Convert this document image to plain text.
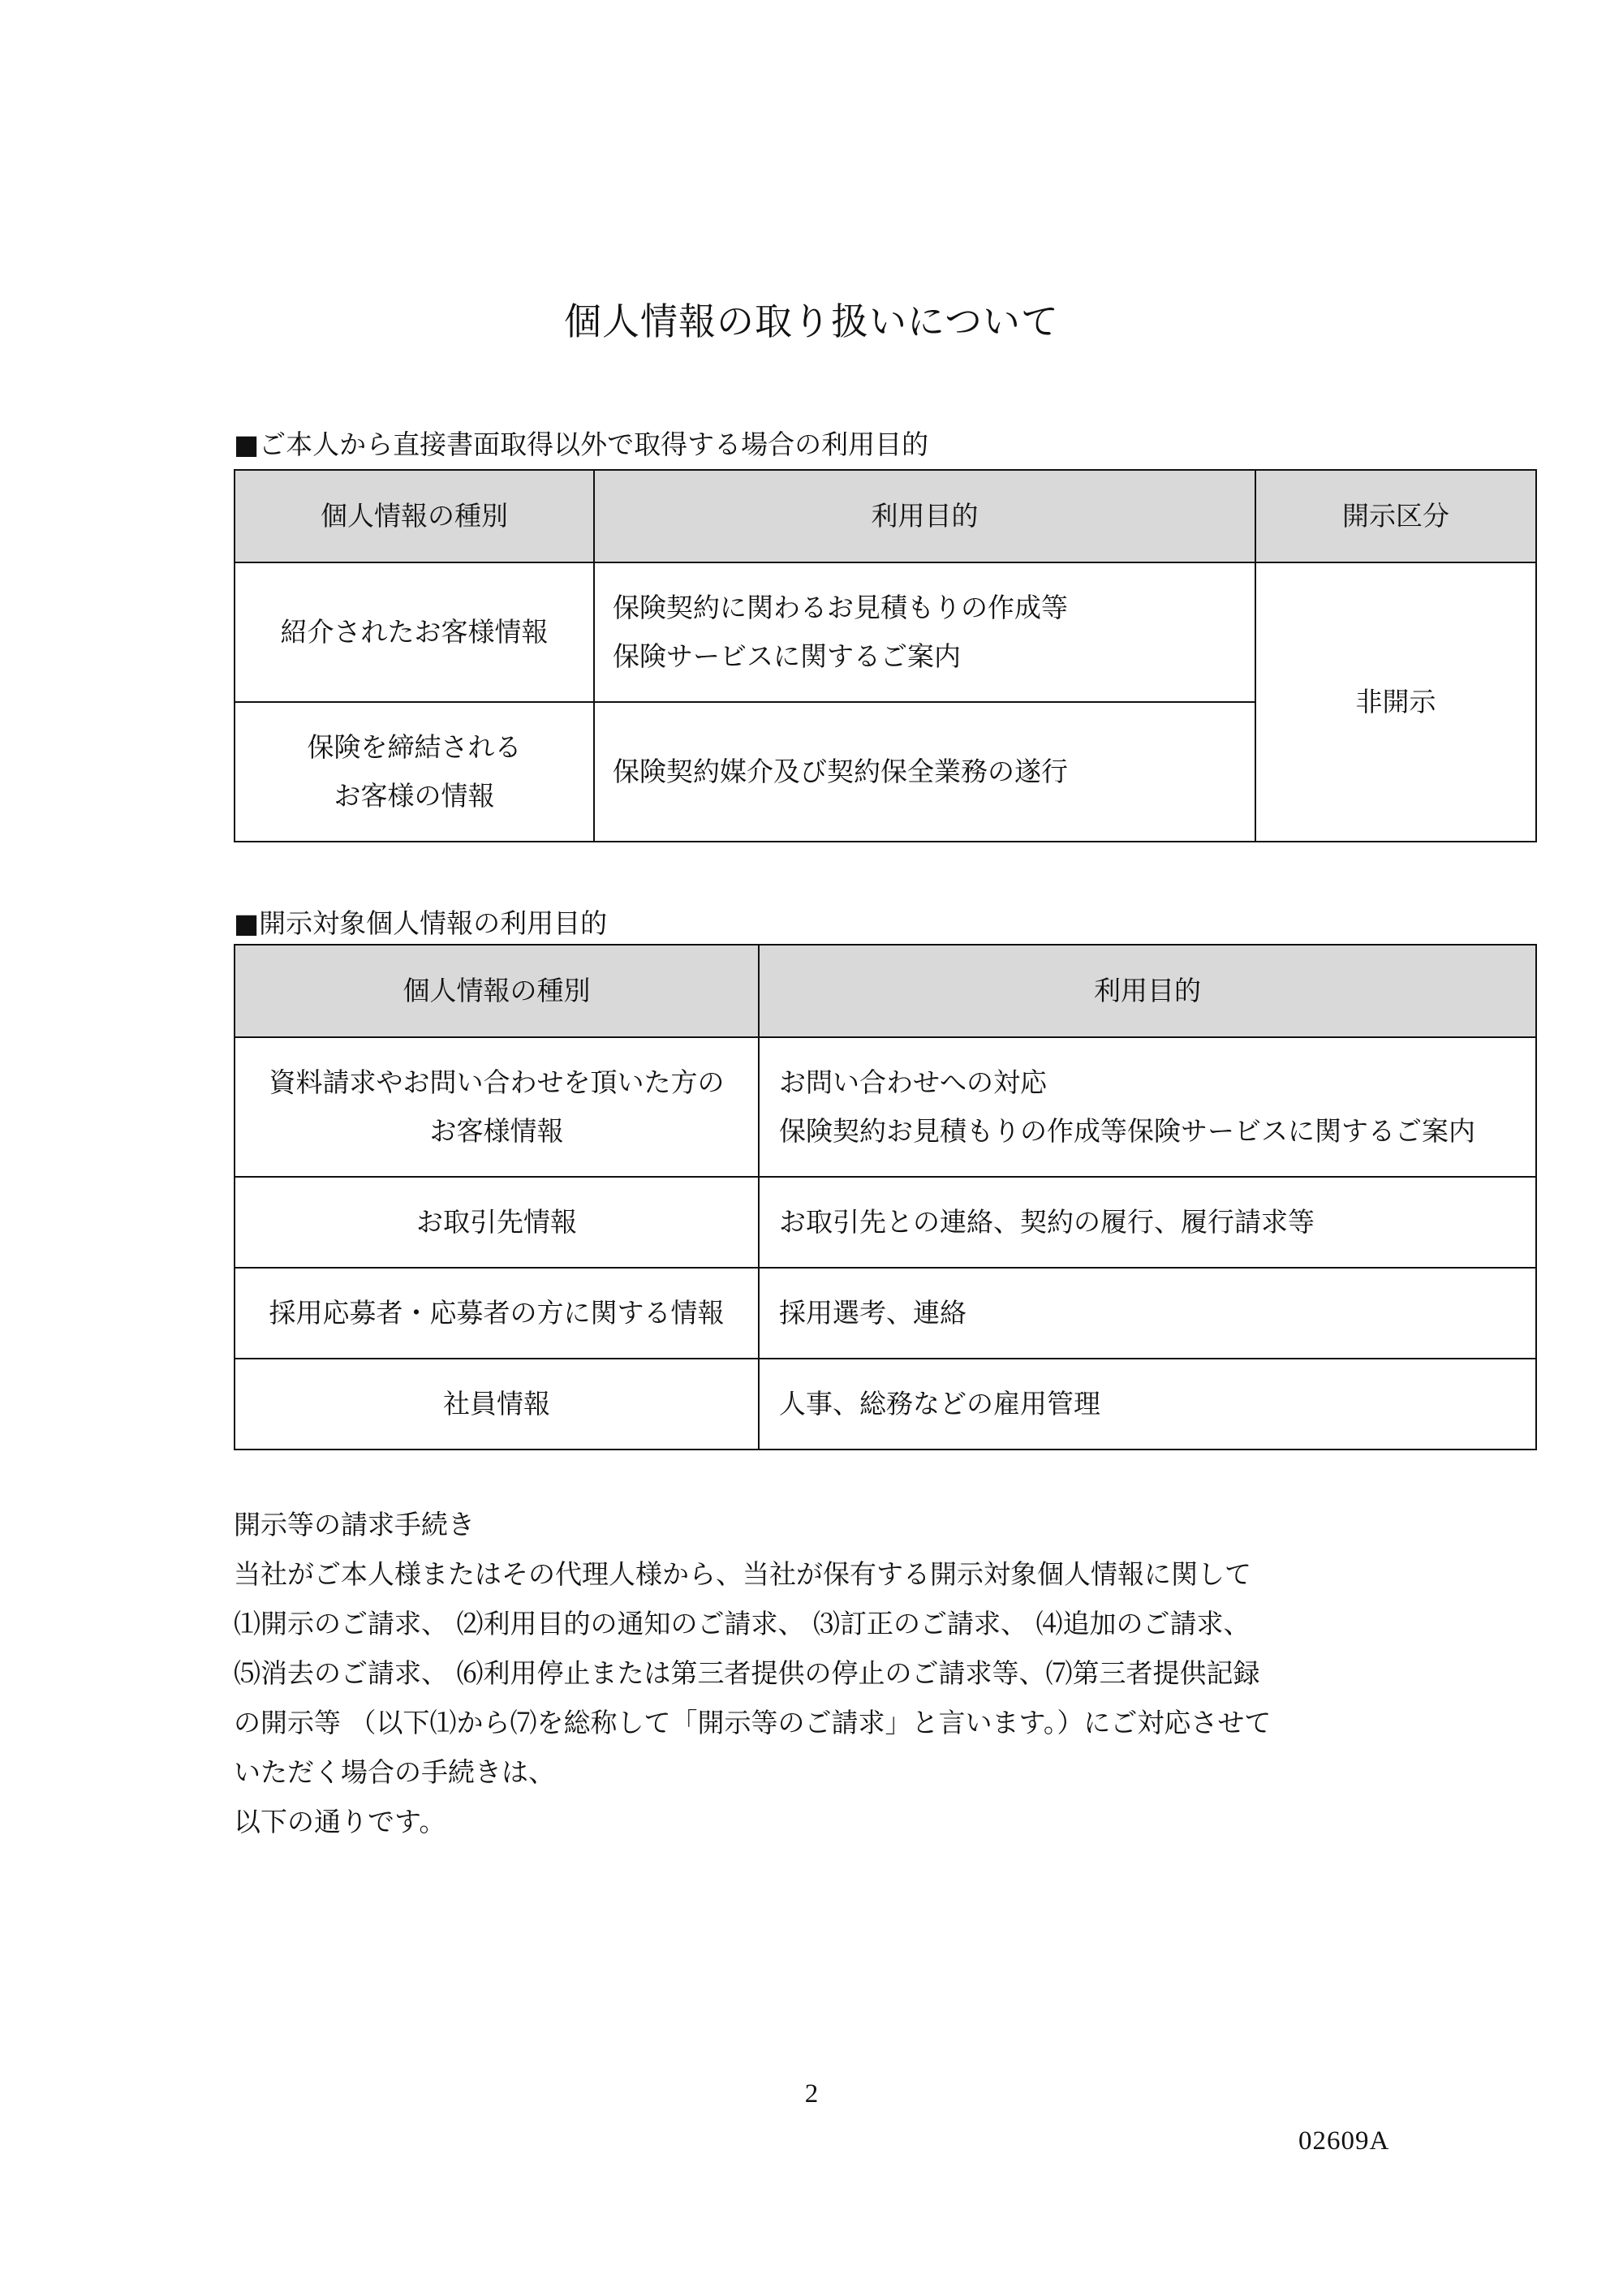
個人情報の取り扱いについて
■ご本人から直接書面取得以外で取得する場合の利用目的
個人情報の種別	利用目的	開示区分

紹介されたお客様情報	保険契約に関わるお見積もりの作成等
保険サービスに関するご案内	非開示

保険を締結される
お客様の情報	保険契約媒介及び契約保全業務の遂行	
■開示対象個人情報の利用目的
個人情報の種別	利用目的

資料請求やお問い合わせを頂いた方の
お客様情報	お問い合わせへの対応
保険契約お見積もりの作成等保険サービスに関するご案内

お取引先情報	お取引先との連絡、契約の履行、履行請求等
採用応募者・応募者の方に関する情報	採用選考、連絡
社員情報	人事、総務などの雇用管理
開示等の請求手続き
当社がご本人様またはその代理人様から、当社が保有する開示対象個人情報に関して
⑴開示のご請求、 ⑵利用目的の通知のご請求、 ⑶訂正のご請求、 ⑷追加のご請求、
⑸消去のご請求、 ⑹利用停止または第三者提供の停止のご請求等、⑺第三者提供記録
の開示等 （以下⑴から⑺を総称して「開示等のご請求」と言います。）にご対応させて
いただく場合の手続きは、
以下の通りです。
2
02609A
